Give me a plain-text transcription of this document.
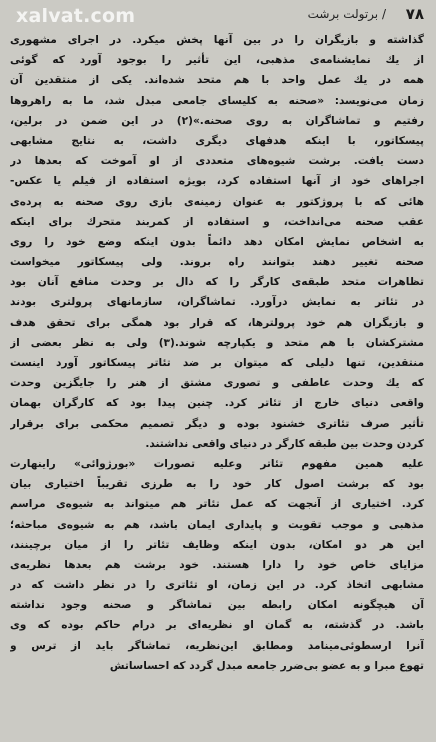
۷۸
/ برتولت برشت
xalvat.com
گذاشته و بازیگران را در بین آنها پخش میکرد. در اجرای مشهوری
از یك نمایشنامه‌ی مذهبی، این تأثیر را بوجود آورد که گوئی
همه در یك عمل واحد با هم متحد شده‌اند. یکی از منتقدین آن
زمان می‌نویسد: «صحنه به کلیسای جامعی مبدل شد، ما به راهروها
رفتیم و تماشاگران به روی صحنه.»(۲) در این ضمن در برلین،
پیسکاتور، با اینکه هدفهای دیگری داشت، به نتایج مشابهی
دست یافت. برشت شیوه‌های متعددی از او آموخت که بعدها در
اجراهای خود از آنها استفاده کرد، بویژه استفاده از فیلم یا عکس-
هائی که با پروژکتور به عنوان زمینه‌ی بازی روی صحنه به پرده‌ی
عقب صحنه می‌انداخت، و استفاده از کمربند متحرك برای اینکه
به اشخاص نمایش امکان دهد دائماً بدون اینکه وضع خود را روی
صحنه تغییر دهند بتوانند راه بروند. ولی پیسکاتور میخواست
تظاهرات متحد طبقه‌ی کارگر را که دال بر وحدت منافع آنان بود
در تئاتر به نمایش درآورد. تماشاگران، سازمانهای پرولتری بودند
و بازیگران هم خود پرولترها، که قرار بود همگی برای تحقق هدف
مشترکشان با هم متحد و یکپارچه شوند.(۳) ولی به نظر بعضی از
منتقدین، تنها دلیلی که میتوان بر ضد تئاتر پیسکاتور آورد اینست
که یك وحدت عاطفی و تصوری مشتق از هنر را جایگزین وحدت
واقعی دنیای خارج از تئاتر کرد. چنین پیدا بود که کارگران بهمان
تأثیر صرف تئاتری خشنود بوده و دیگر تصمیم محکمی برای برقرار
کردن وحدت بین طبقه کارگر در دنیای واقعی نداشتند.
علیه همین مفهوم تئاتر وعلیه تصورات «بورژوائی» راینهارت
بود که برشت اصول کار خود را به طرزی تقریباً اختیاری بیان
کرد. اختیاری از آنجهت که عمل تئاتر هم میتواند به شیوه‌ی مراسم
مذهبی و موجب تقویت و پایداری ایمان باشد، هم به شیوه‌ی مباحثه؛
این هر دو امکان، بدون اینکه وظایف تئاتر را از میان برچینند،
مزایای خاص خود را دارا هستند. خود برشت هم بعدها نظریه‌ی
مشابهی اتخاذ کرد. در این زمان، او تئاتری را در نظر داشت که در
آن هیچگونه امکان رابطه بین تماشاگر و صحنه وجود نداشته
باشد. در گذشته، به گمان او نظریه‌ای بر درام حاکم بوده که وی
آنرا ارسطوئی‌مینامد ومطابق این‌نظریه، تماشاگر باید از ترس و
تهوع مبرا و به عضو بی‌ضرر جامعه مبدل گردد که احساساتش
